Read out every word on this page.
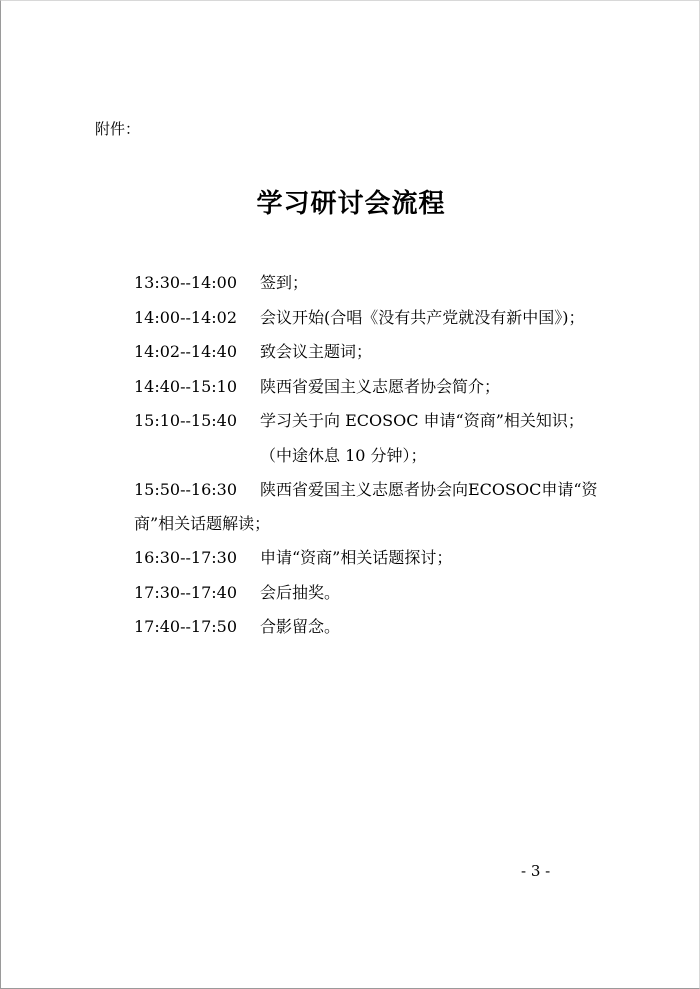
附件：
学习研讨会流程
13:30--14:00 签到；
14:00--14:02 会议开始(合唱《没有共产党就没有新中国》)；
14:02--14:40 致会议主题词；
14:40--15:10 陕西省爱国主义志愿者协会简介；
15:10--15:40 学习关于向 ECOSOC 申请“资商”相关知识；
（中途休息 10 分钟）；
15:50--16:30 陕西省爱国主义志愿者协会向ECOSOC申请“资
商”相关话题解读；
16:30--17:30 申请“资商”相关话题探讨；
17:30--17:40 会后抽奖。
17:40--17:50 合影留念。
- 3 -
